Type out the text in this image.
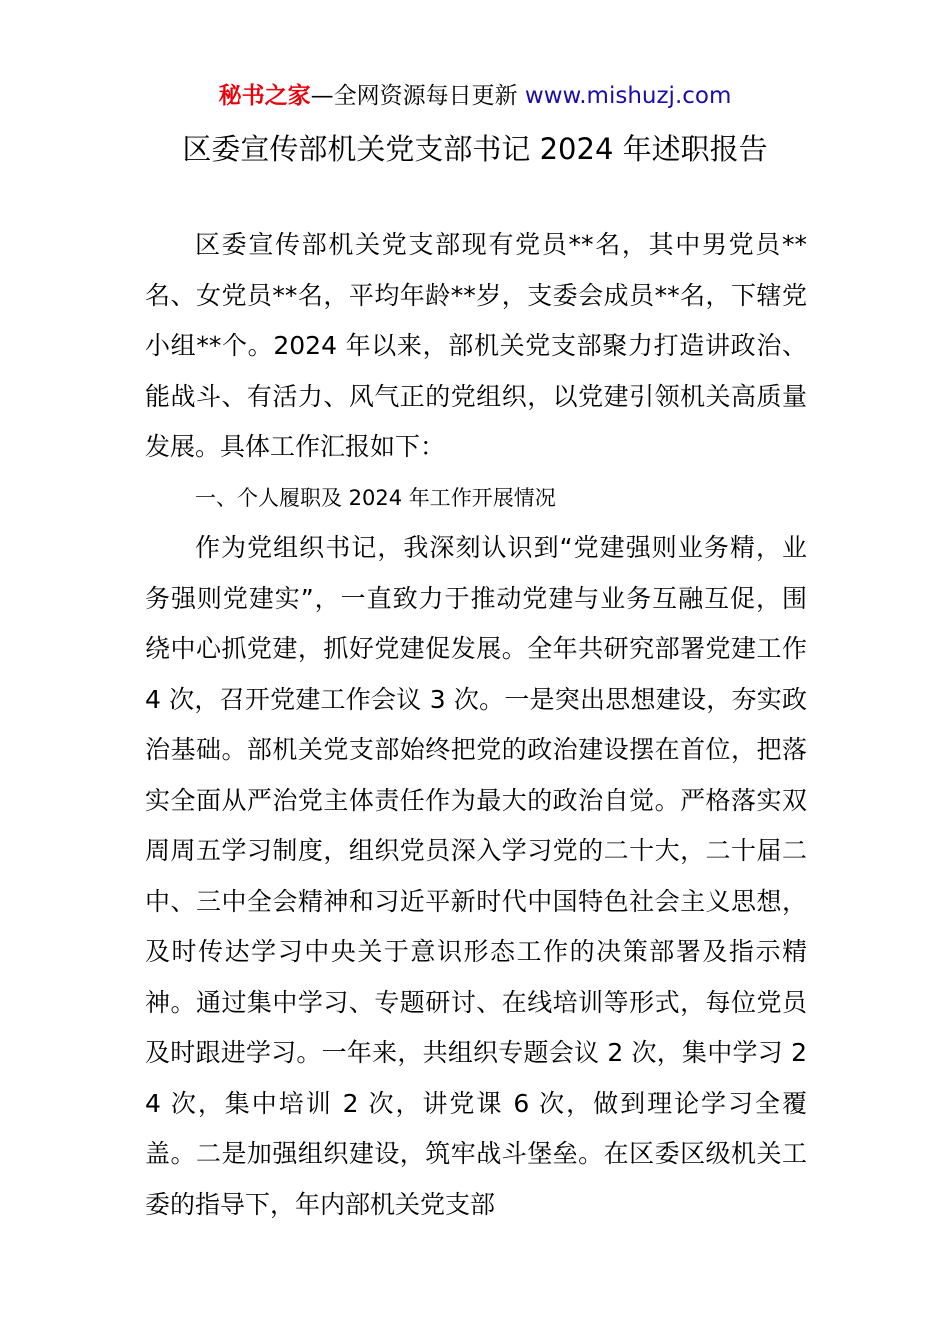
秘书之家—全网资源每日更新 www.mishuzj.com
区委宣传部机关党支部书记 2024 年述职报告

区委宣传部机关党支部现有党员**名，其中男党员**名、女党员**名，平均年龄**岁，支委会成员**名，下辖党小组**个。2024 年以来，部机关党支部聚力打造讲政治、能战斗、有活力、风气正的党组织，以党建引领机关高质量发展。具体工作汇报如下：

一、个人履职及 2024 年工作开展情况

作为党组织书记，我深刻认识到“党建强则业务精，业务强则党建实”，一直致力于推动党建与业务互融互促，围绕中心抓党建，抓好党建促发展。全年共研究部署党建工作 4 次，召开党建工作会议 3 次。一是突出思想建设，夯实政治基础。部机关党支部始终把党的政治建设摆在首位，把落实全面从严治党主体责任作为最大的政治自觉。严格落实双周周五学习制度，组织党员深入学习党的二十大，二十届二中、三中全会精神和习近平新时代中国特色社会主义思想，及时传达学习中央关于意识形态工作的决策部署及指示精神。通过集中学习、专题研讨、在线培训等形式，每位党员及时跟进学习。一年来，共组织专题会议 2 次，集中学习 24 次，集中培训 2 次，讲党课 6 次，做到理论学习全覆盖。二是加强组织建设，筑牢战斗堡垒。在区委区级机关工委的指导下，年内部机关党支部
